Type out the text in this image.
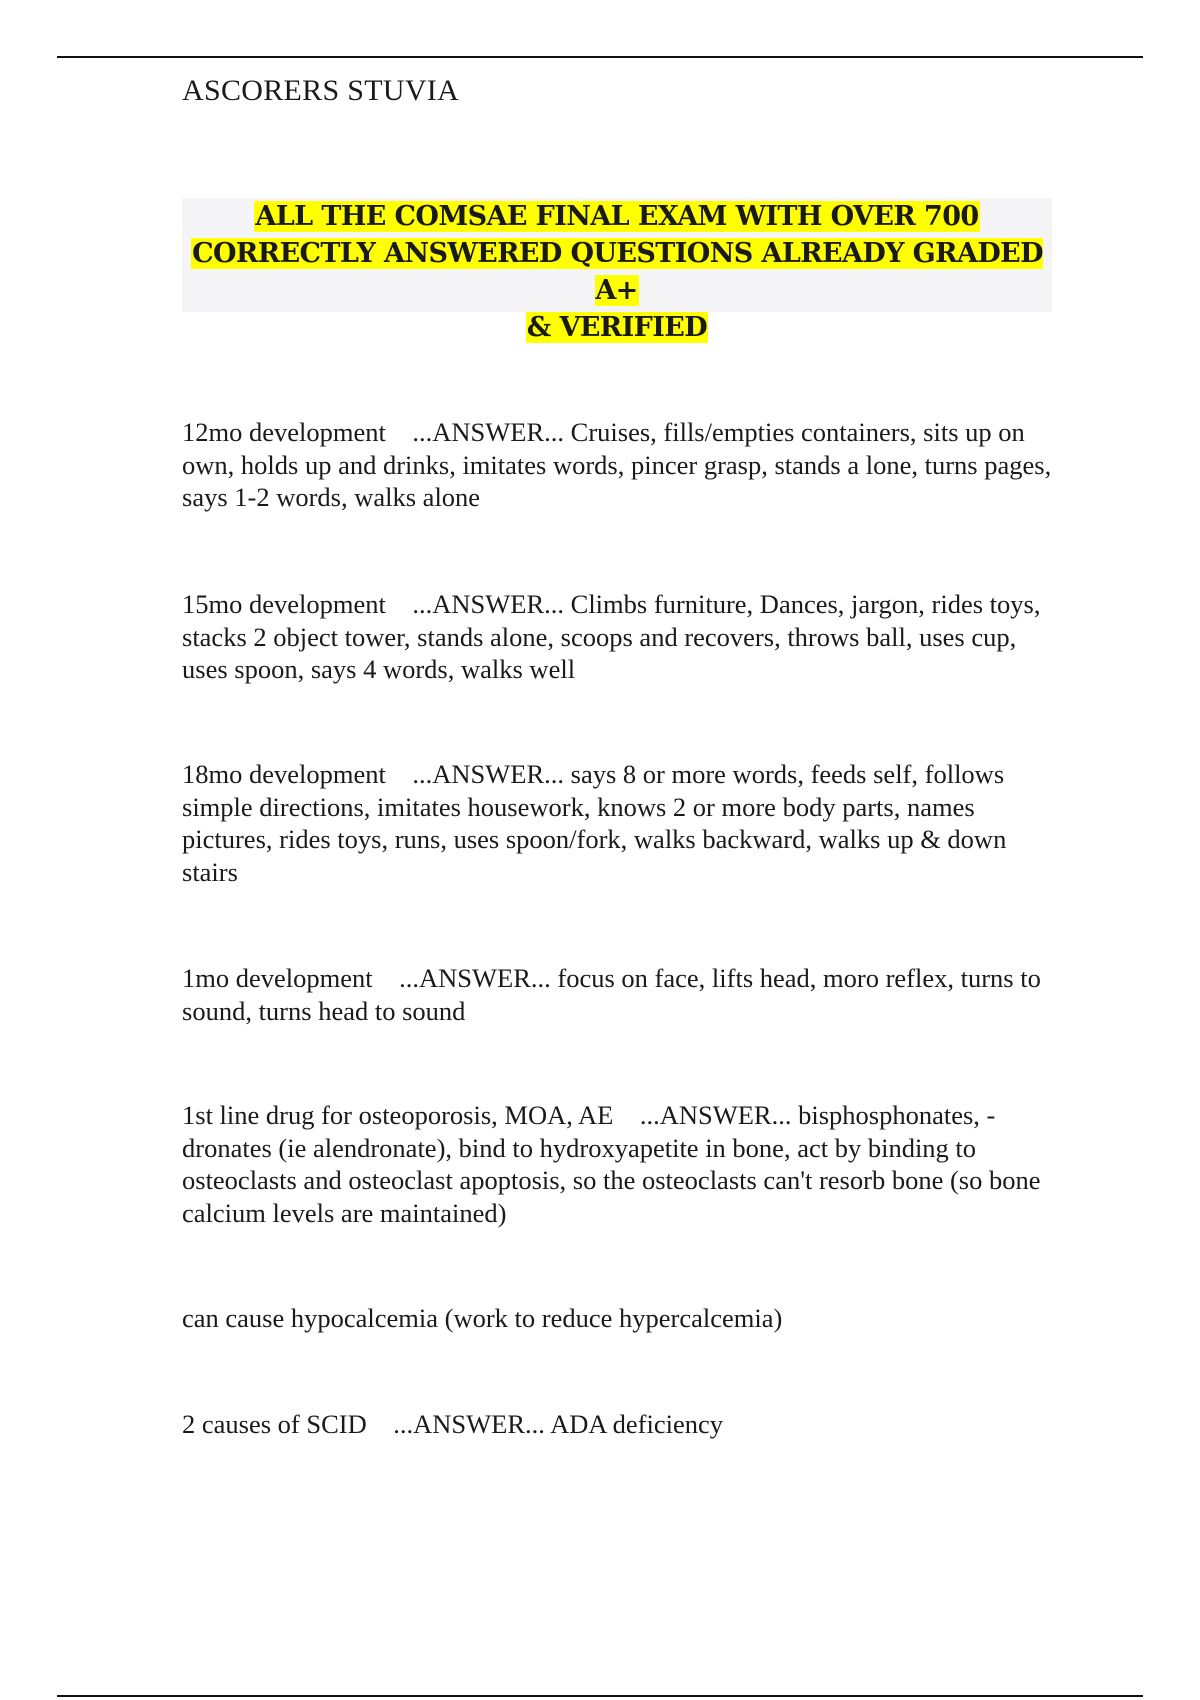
ASCORERS STUVIA
ALL THE COMSAE FINAL EXAM WITH OVER 700
CORRECTLY ANSWERED QUESTIONS ALREADY GRADED A+
& VERIFIED
12mo development ...ANSWER... Cruises, fills/empties containers, sits up on own, holds up and drinks, imitates words, pincer grasp, stands a lone, turns pages, says 1-2 words, walks alone
15mo development ...ANSWER... Climbs furniture, Dances, jargon, rides toys, stacks 2 object tower, stands alone, scoops and recovers, throws ball, uses cup, uses spoon, says 4 words, walks well
18mo development ...ANSWER... says 8 or more words, feeds self, follows simple directions, imitates housework, knows 2 or more body parts, names pictures, rides toys, runs, uses spoon/fork, walks backward, walks up & down stairs
1mo development ...ANSWER... focus on face, lifts head, moro reflex, turns to sound, turns head to sound
1st line drug for osteoporosis, MOA, AE ...ANSWER... bisphosphonates, -dronates (ie alendronate), bind to hydroxyapetite in bone, act by binding to osteoclasts and osteoclast apoptosis, so the osteoclasts can't resorb bone (so bone calcium levels are maintained)
can cause hypocalcemia (work to reduce hypercalcemia)
2 causes of SCID ...ANSWER... ADA deficiency
